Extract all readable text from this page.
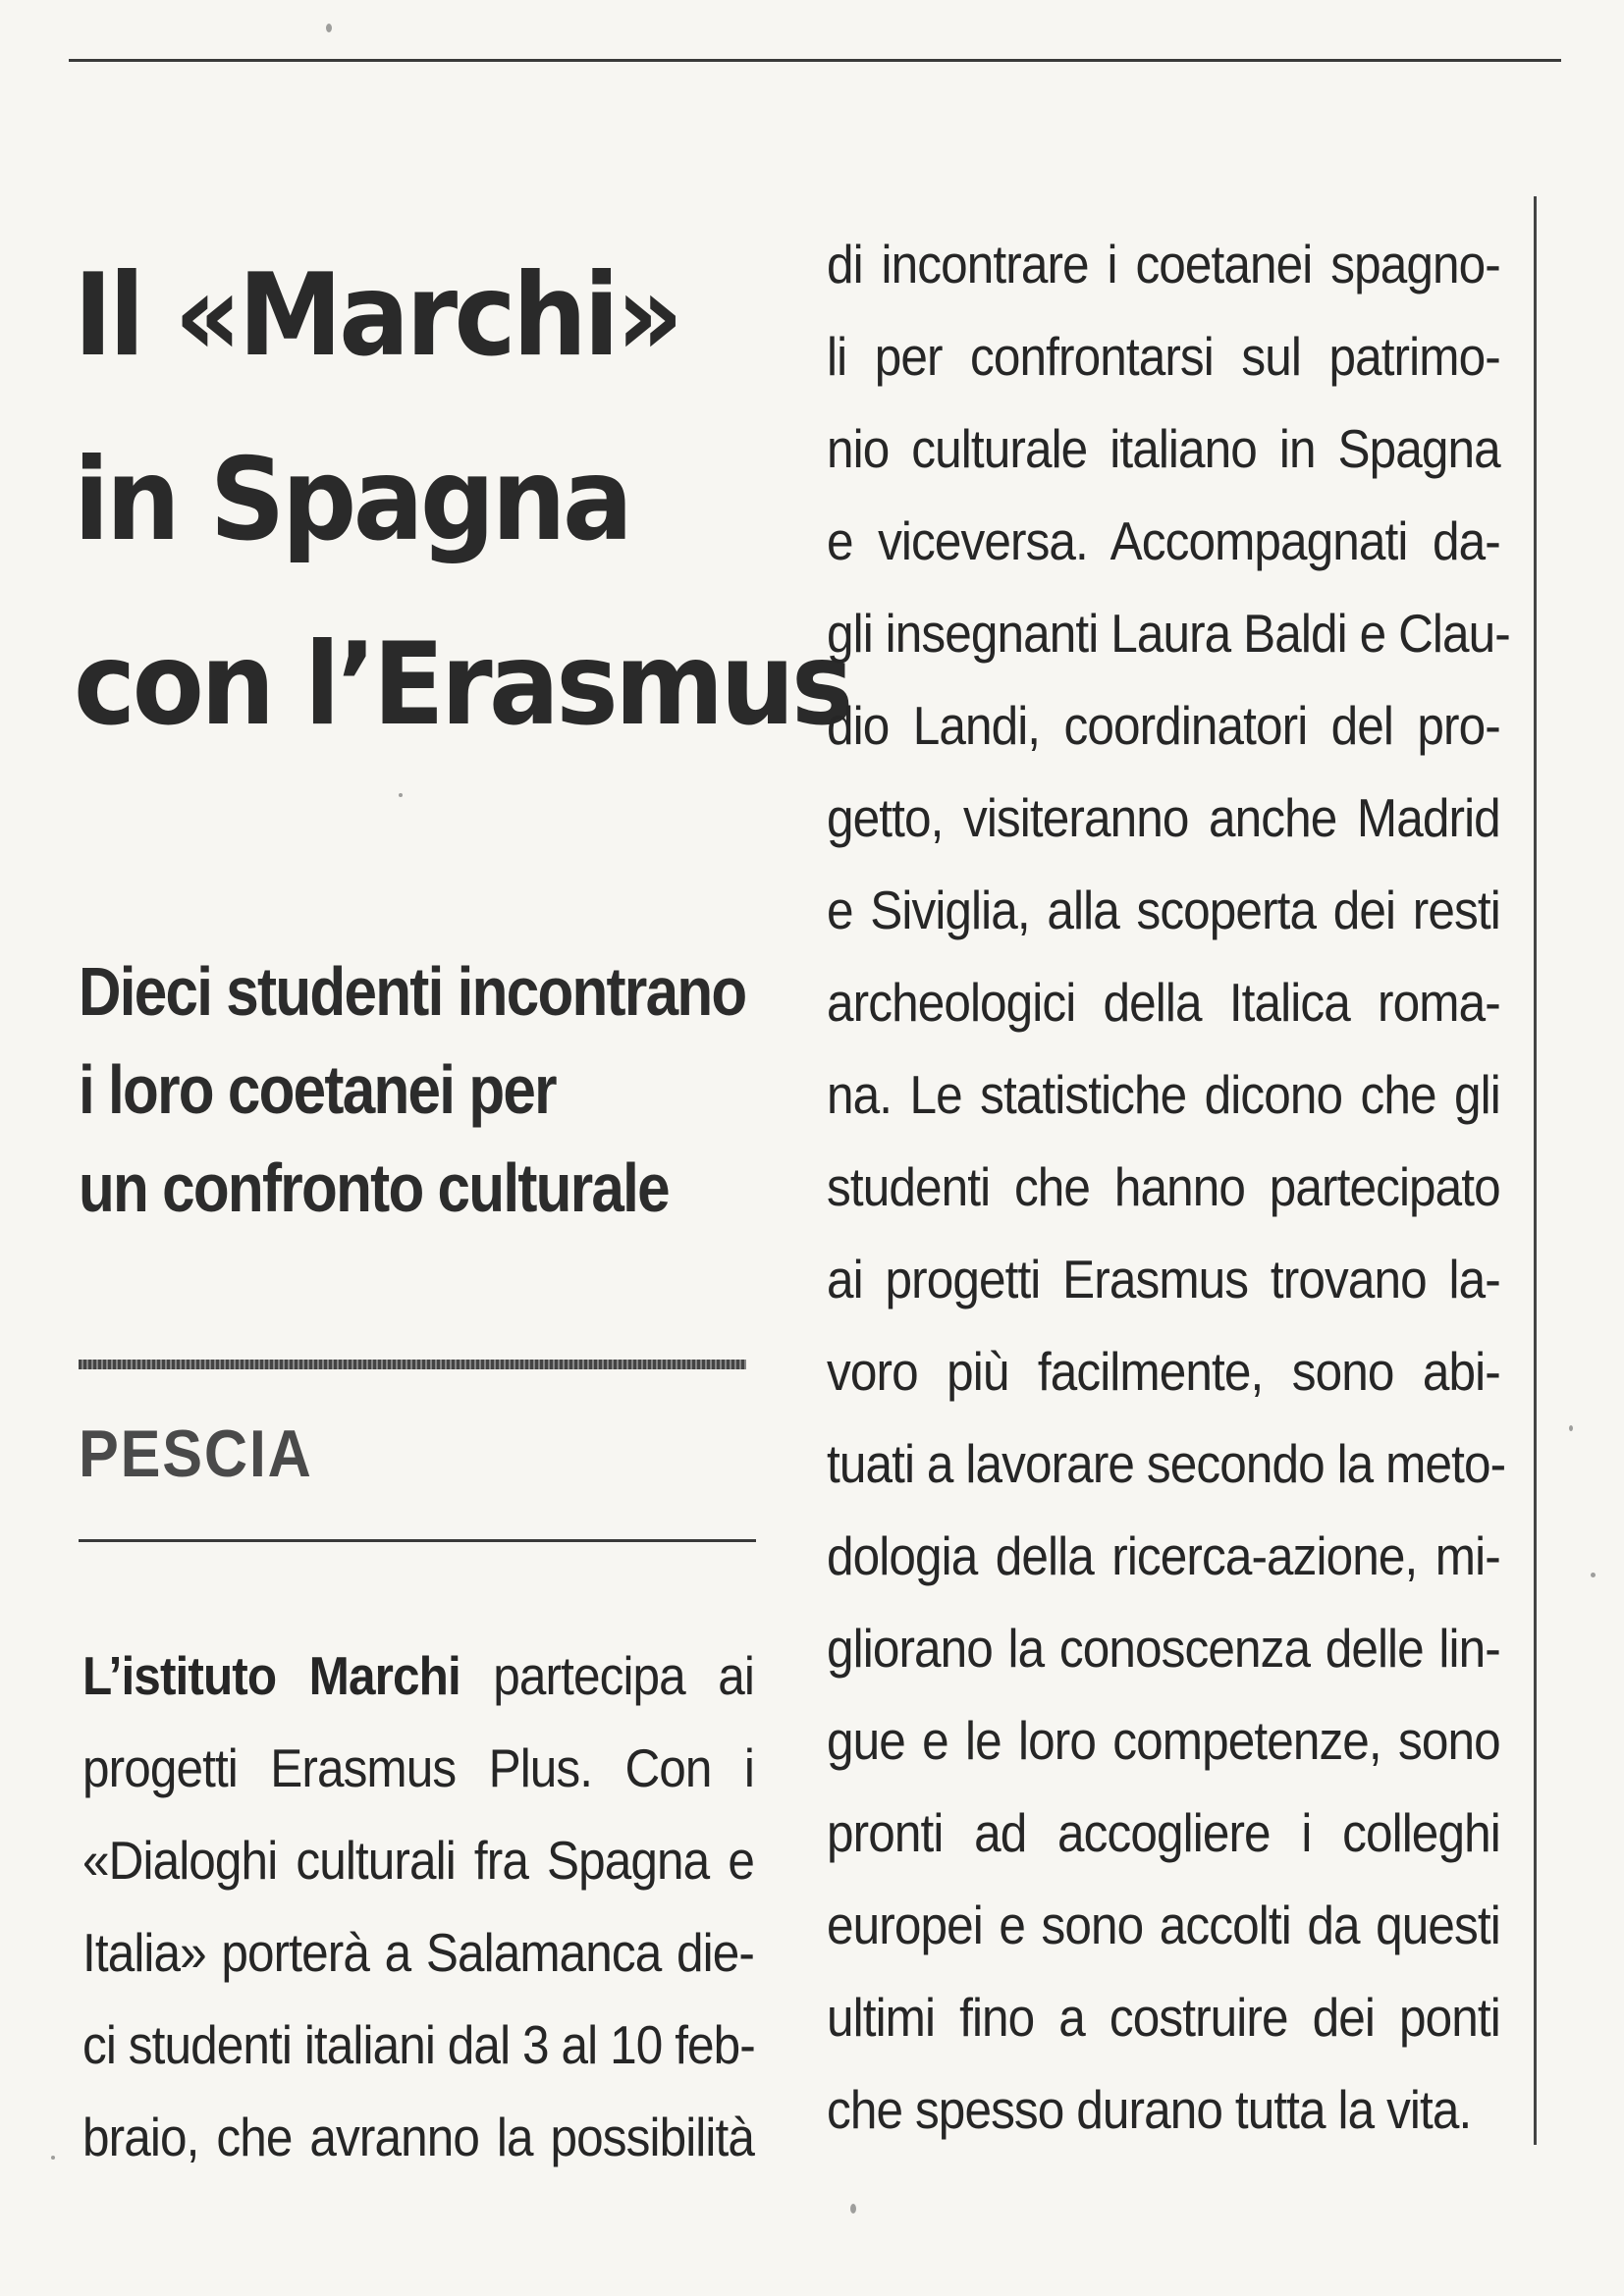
Il «Marchi»
in Spagna
con l’Erasmus
Dieci studenti incontrano
i loro coetanei per
un confronto culturale
PESCIA
L’istituto Marchi partecipa ai
progetti Erasmus Plus. Con i
«Dialoghi culturali fra Spagna e
Italia» porterà a Salamanca die-
ci studenti italiani dal 3 al 10 feb-
braio, che avranno la possibilità
di incontrare i coetanei spagno-
li per confrontarsi sul patrimo-
nio culturale italiano in Spagna
e viceversa. Accompagnati da-
gli insegnanti Laura Baldi e Clau-
dio Landi, coordinatori del pro-
getto, visiteranno anche Madrid
e Siviglia, alla scoperta dei resti
archeologici della Italica roma-
na. Le statistiche dicono che gli
studenti che hanno partecipato
ai progetti Erasmus trovano la-
voro più facilmente, sono abi-
tuati a lavorare secondo la meto-
dologia della ricerca-azione, mi-
gliorano la conoscenza delle lin-
gue e le loro competenze, sono
pronti ad accogliere i colleghi
europei e sono accolti da questi
ultimi fino a costruire dei ponti
che spesso durano tutta la vita.
